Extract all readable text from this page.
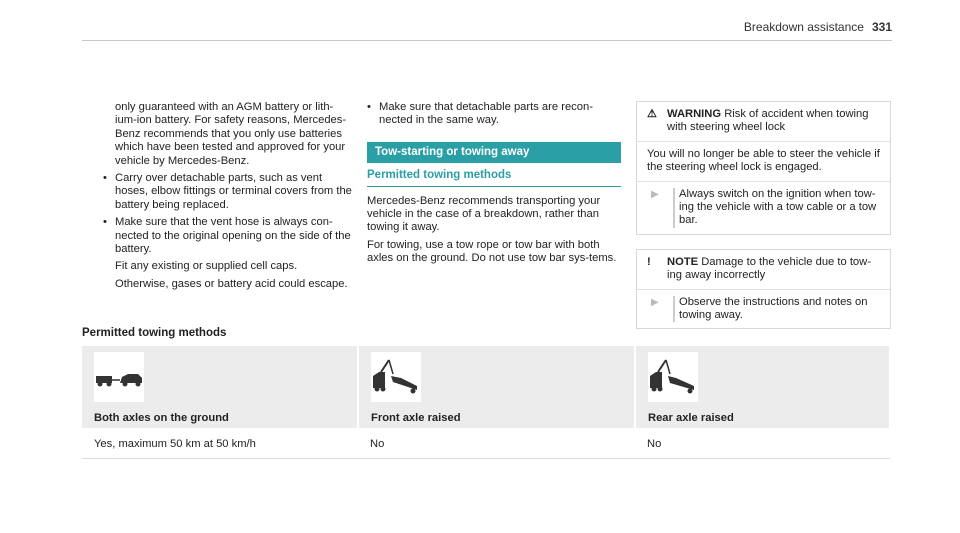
Breakdown assistance 331

only guaranteed with an AGM battery or lith-ium-ion battery. For safety reasons, Mercedes-Benz recommends that you only use batteries which have been tested and approved for your vehicle by Mercedes-Benz.

• Carry over detachable parts, such as vent hoses, elbow fittings or terminal covers from the battery being replaced.
• Make sure that the vent hose is always con-nected to the original opening on the side of the battery.

Fit any existing or supplied cell caps.

Otherwise, gases or battery acid could escape.

• Make sure that detachable parts are recon-nected in the same way.
Tow-starting or towing away
Permitted towing methods

Mercedes-Benz recommends transporting your vehicle in the case of a breakdown, rather than towing it away.

For towing, use a tow rope or tow bar with both axles on the ground. Do not use tow bar sys-tems.

⚠ WARNING Risk of accident when towing with steering wheel lock
You will no longer be able to steer the vehicle if the steering wheel lock is engaged.
▶	Always switch on the ignition when tow-ing the vehicle with a tow cable or a tow bar.
!	NOTE Damage to the vehicle due to tow-ing away incorrectly
▶	Observe the instructions and notes on towing away.
Permitted towing methods
Both axles on the ground	Front axle raised	Rear axle raised
Yes, maximum 50 km at 50 km/h	No	No
